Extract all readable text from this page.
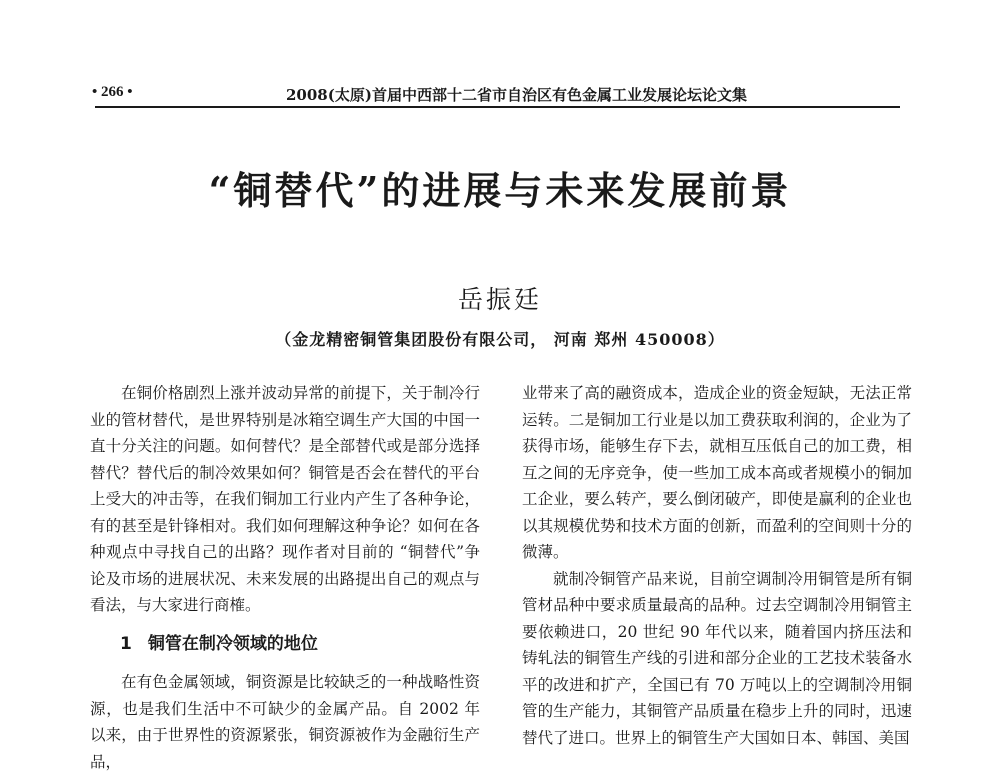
• 266 •	2008(太原)首届中西部十二省市自治区有色金属工业发展论坛论文集
“铜替代”的进展与未来发展前景
岳振廷
（金龙精密铜管集团股份有限公司， 河南 郑州 450008）

在铜价格剧烈上涨并波动异常的前提下，关于制冷行业的管材替代，是世界特别是冰箱空调生产大国的中国一直十分关注的问题。如何替代？是全部替代或是部分选择替代？替代后的制冷效果如何？铜管是否会在替代的平台上受大的冲击等，在我们铜加工行业内产生了各种争论，有的甚至是针锋相对。我们如何理解这种争论？如何在各种观点中寻找自己的出路？现作者对目前的 “铜替代”争论及市场的进展状况、未来发展的出路提出自己的观点与看法，与大家进行商榷。

1 铜管在制冷领域的地位

在有色金属领域，铜资源是比较缺乏的一种战略性资源，也是我们生活中不可缺少的金属产品。自 2002 年以来，由于世界性的资源紧张，铜资源被作为金融衍生产品，

业带来了高的融资成本，造成企业的资金短缺，无法正常运转。二是铜加工行业是以加工费获取利润的，企业为了获得市场，能够生存下去，就相互压低自己的加工费，相互之间的无序竞争，使一些加工成本高或者规模小的铜加工企业，要么转产，要么倒闭破产，即使是赢利的企业也以其规模优势和技术方面的创新，而盈利的空间则十分的微薄。

就制冷铜管产品来说，目前空调制冷用铜管是所有铜管材品种中要求质量最高的品种。过去空调制冷用铜管主要依赖进口，20 世纪 90 年代以来，随着国内挤压法和铸轧法的铜管生产线的引进和部分企业的工艺技术装备水平的改进和扩产，全国已有 70 万吨以上的空调制冷用铜管的生产能力，其铜管产品质量在稳步上升的同时，迅速替代了进口。世界上的铜管生产大国如日本、韩国、美国
